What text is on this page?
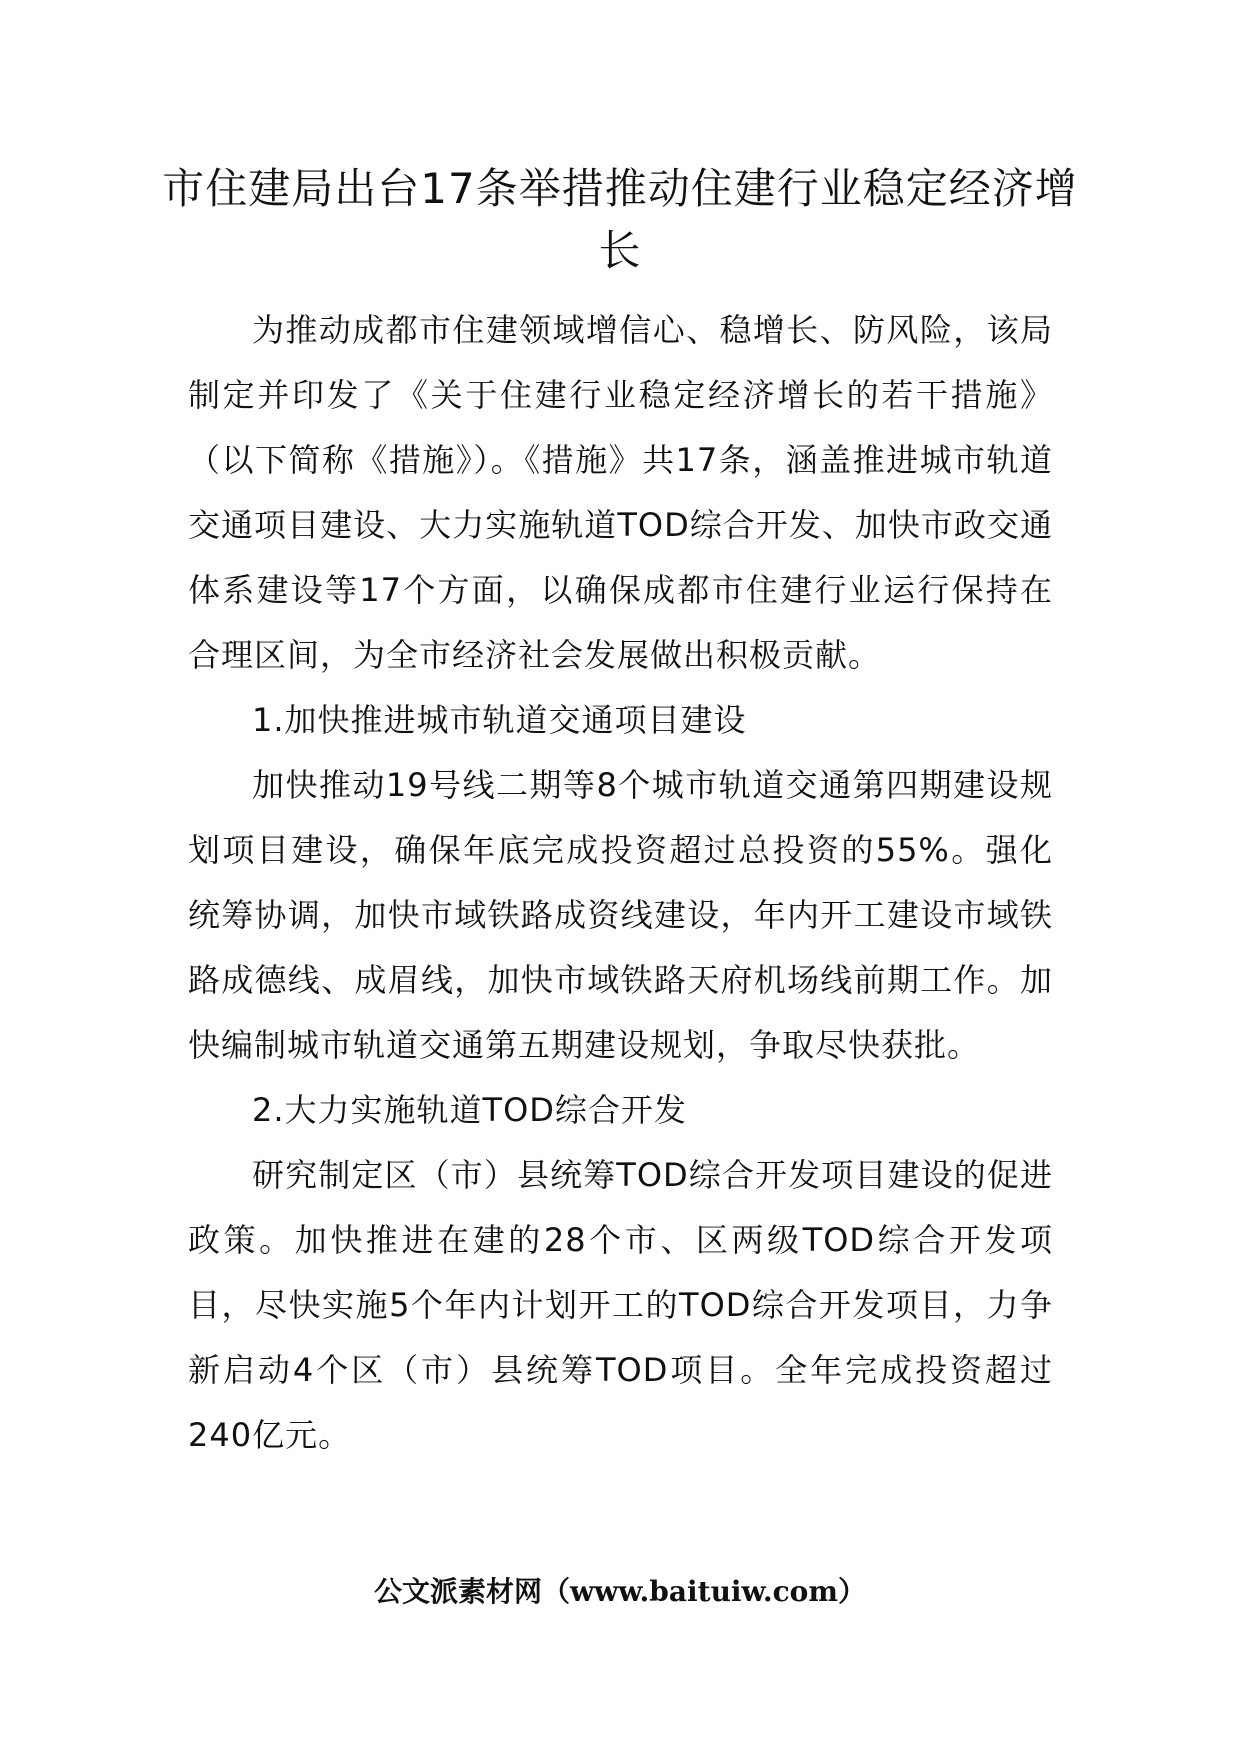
市住建局出台17条举措推动住建行业稳定经济增长

为推动成都市住建领域增信心、稳增长、防风险，该局制定并印发了《关于住建行业稳定经济增长的若干措施》（以下简称《措施》）。《措施》共17条，涵盖推进城市轨道交通项目建设、大力实施轨道TOD综合开发、加快市政交通体系建设等17个方面，以确保成都市住建行业运行保持在合理区间，为全市经济社会发展做出积极贡献。

1.加快推进城市轨道交通项目建设

加快推动19号线二期等8个城市轨道交通第四期建设规划项目建设，确保年底完成投资超过总投资的55%。强化统筹协调，加快市域铁路成资线建设，年内开工建设市域铁路成德线、成眉线，加快市域铁路天府机场线前期工作。加快编制城市轨道交通第五期建设规划，争取尽快获批。

2.大力实施轨道TOD综合开发

研究制定区（市）县统筹TOD综合开发项目建设的促进政策。加快推进在建的28个市、区两级TOD综合开发项目，尽快实施5个年内计划开工的TOD综合开发项目，力争新启动4个区（市）县统筹TOD项目。全年完成投资超过240亿元。

公文派素材网（www.baituiw.com）
